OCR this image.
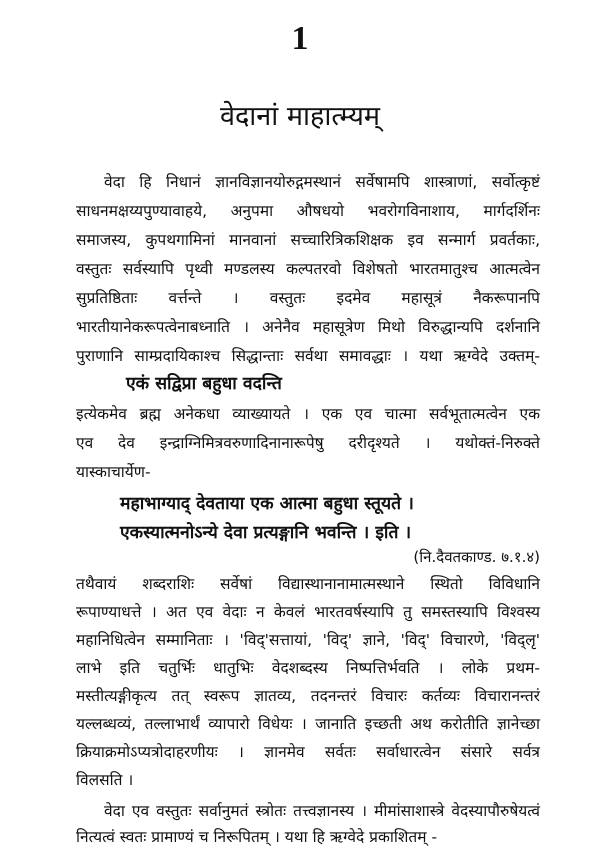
1
वेदानां माहात्म्यम्
वेदा हि निधानं ज्ञानविज्ञानयोरुद्गमस्थानं सर्वेषामपि शास्त्राणां, सर्वोत्कृष्टं
साधनमक्षय्यपुण्यावाहये, अनुपमा औषधयो भवरोगविनाशाय, मार्गदर्शिनः
समाजस्य, कुपथगामिनां मानवानां सच्चारित्रिकशिक्षक इव सन्मार्ग प्रवर्तकाः,
वस्तुतः सर्वस्यापि पृथ्वी मण्डलस्य कल्पतरवो विशेषतो भारतमातुश्च आत्मत्वेन
सुप्रतिष्ठिताः वर्त्तन्ते । वस्तुतः इदमेव महासूत्रं नैकरूपानपि
भारतीयानेकरूपत्वेनाबध्नाति । अनेनैव महासूत्रेण मिथो विरुद्धान्यपि दर्शनानि
पुराणानि साम्प्रदायिकाश्च सिद्धान्ताः सर्वथा समावद्धाः । यथा ऋग्वेदे उक्तम्-
एकं सद्विप्रा बहुधा वदन्ति
इत्येकमेव ब्रह्म अनेकधा व्याख्यायते । एक एव चात्मा सर्वभूतात्मत्वेन एक
एव देव इन्द्राग्निमित्रवरुणादिनानारूपेषु दरीदृश्यते । यथोक्तं-निरुक्ते
यास्काचार्येण-
महाभाग्याद् देवताया एक आत्मा बहुधा स्तूयते ।
एकस्यात्मनोऽन्ये देवा प्रत्यङ्गानि भवन्ति । इति ।
(नि.दैवतकाण्ड. ७.१.४)
तथैवायं शब्दराशिः सर्वेषां विद्यास्थानानामात्मस्थाने स्थितो विविधानि
रूपाण्याधत्ते । अत एव वेदाः न केवलं भारतवर्षस्यापि तु समस्तस्यापि विश्वस्य
महानिधित्वेन सम्मानिताः । 'विद्'सत्तायां, 'विद्' ज्ञाने, 'विद्' विचारणे, 'विद्लृ'
लाभे इति चतुर्भिः धातुभिः वेदशब्दस्य निष्पत्तिर्भवति । लोके प्रथम-
मस्तीत्यङ्गीकृत्य तत् स्वरूप ज्ञातव्य, तदनन्तरं विचारः कर्तव्यः विचारानन्तरं
यल्लब्धव्यं, तल्लाभार्थं व्यापारो विधेयः । जानाति इच्छती अथ करोतीति ज्ञानेच्छा
क्रियाक्रमोऽप्यत्रोदाहरणीयः । ज्ञानमेव सर्वतः सर्वाधारत्वेन संसारे सर्वत्र
विलसति ।
वेदा एव वस्तुतः सर्वानुमतं स्त्रोतः तत्त्वज्ञानस्य । मीमांसाशास्त्रे वेदस्यापौरुषेयत्वं
नित्यत्वं स्वतः प्रामाण्यं च निरूपितम् । यथा हि ऋग्वेदे प्रकाशितम् -
